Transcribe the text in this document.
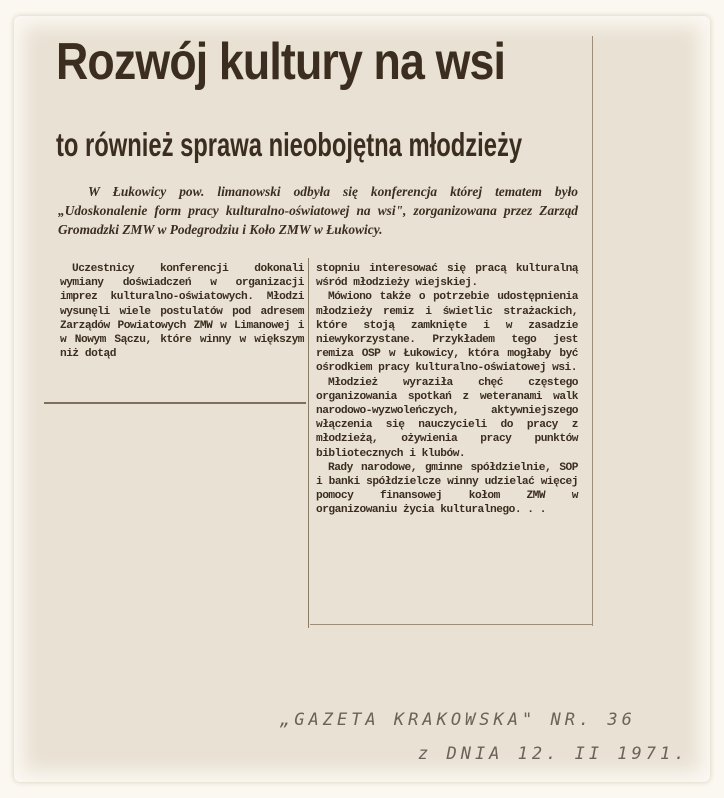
Rozwój kultury na wsi
to również sprawa nieobojętna młodzieży
W Łukowicy pow. limanowski odbyła się konferencja której tematem było „Udoskonalenie form pracy kulturalno-oświatowej na wsi", zorganizowana przez Zarząd Gromadzki ZMW w Podegrodziu i Koło ZMW w Łukowicy.

Uczestnicy konferencji dokonali wymiany doświadczeń w organizacji imprez kulturalno-oświatowych. Młodzi wysunęli wiele postulatów pod adresem Zarządów Powiatowych ZMW w Limanowej i w Nowym Sączu, które winny w większym niż dotąd

stopniu interesować się pracą kulturalną wśród młodzieży wiejskiej.

Mówiono także o potrzebie udostępnienia młodzieży remiz i świetlic strażackich, które stoją zamknięte i w zasadzie niewykorzystane. Przykładem tego jest remiza OSP w Łukowicy, która mogłaby być ośrodkiem pracy kulturalno-oświatowej wsi.

Młodzież wyraziła chęć częstego organizowania spotkań z weteranami walk narodowo-wyzwoleńczych, aktywniejszego włączenia się nauczycieli do pracy z młodzieżą, ożywienia pracy punktów bibliotecznych i klubów.

Rady narodowe, gminne spółdzielnie, SOP i banki spółdzielcze winny udzielać więcej pomocy finansowej kołom ZMW w organizowaniu życia kulturalnego. . .

„GAZETA KRAKOWSKA" NR. 36
z DNIA 12. II 1971.
